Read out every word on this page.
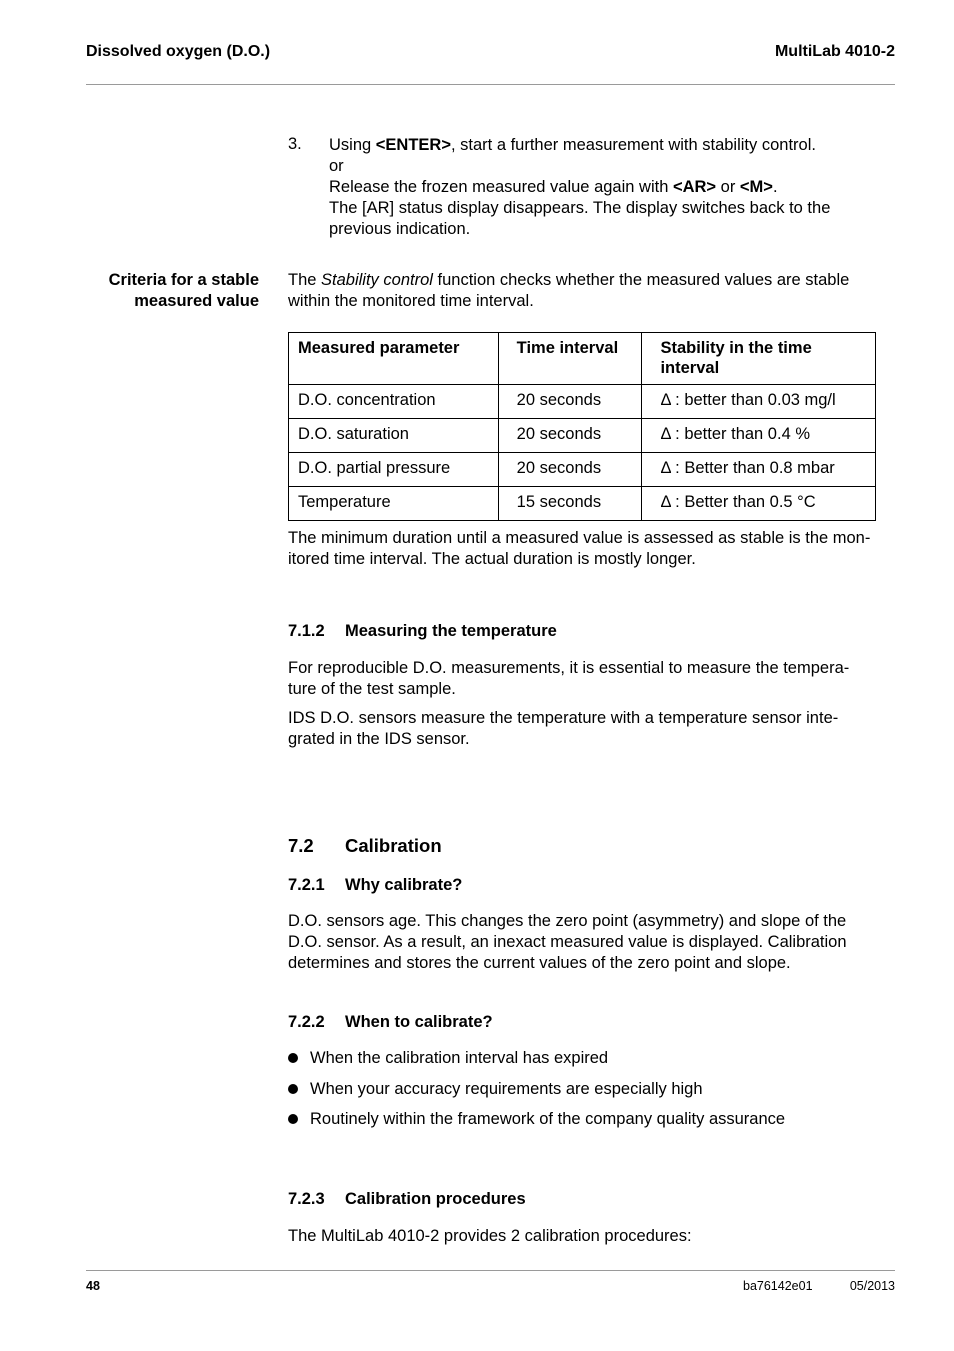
Dissolved oxygen (D.O.)	MultiLab 4010-2
3. Using <ENTER>, start a further measurement with stability control.
or
Release the frozen measured value again with <AR> or <M>.
The [AR] status display disappears. The display switches back to the
previous indication.
Criteria for a stable
measured value
The Stability control function checks whether the measured values are stable
within the monitored time interval.
Measured parameter	Time interval	Stability in the time interval
D.O. concentration	20 seconds	Δ : better than 0.03 mg/l
D.O. saturation	20 seconds	Δ : better than 0.4 %
D.O. partial pressure	20 seconds	Δ : Better than 0.8 mbar
Temperature	15 seconds	Δ : Better than 0.5 °C
The minimum duration until a measured value is assessed as stable is the mon-
itored time interval. The actual duration is mostly longer.
7.1.2 Measuring the temperature
For reproducible D.O. measurements, it is essential to measure the tempera-
ture of the test sample.
IDS D.O. sensors measure the temperature with a temperature sensor inte-
grated in the IDS sensor.
7.2 Calibration
7.2.1 Why calibrate?
D.O. sensors age. This changes the zero point (asymmetry) and slope of the
D.O. sensor. As a result, an inexact measured value is displayed. Calibration
determines and stores the current values of the zero point and slope.
7.2.2 When to calibrate?
When the calibration interval has expired
When your accuracy requirements are especially high
Routinely within the framework of the company quality assurance
7.2.3 Calibration procedures
The MultiLab 4010-2 provides 2 calibration procedures:
48	ba76142e01	05/2013
